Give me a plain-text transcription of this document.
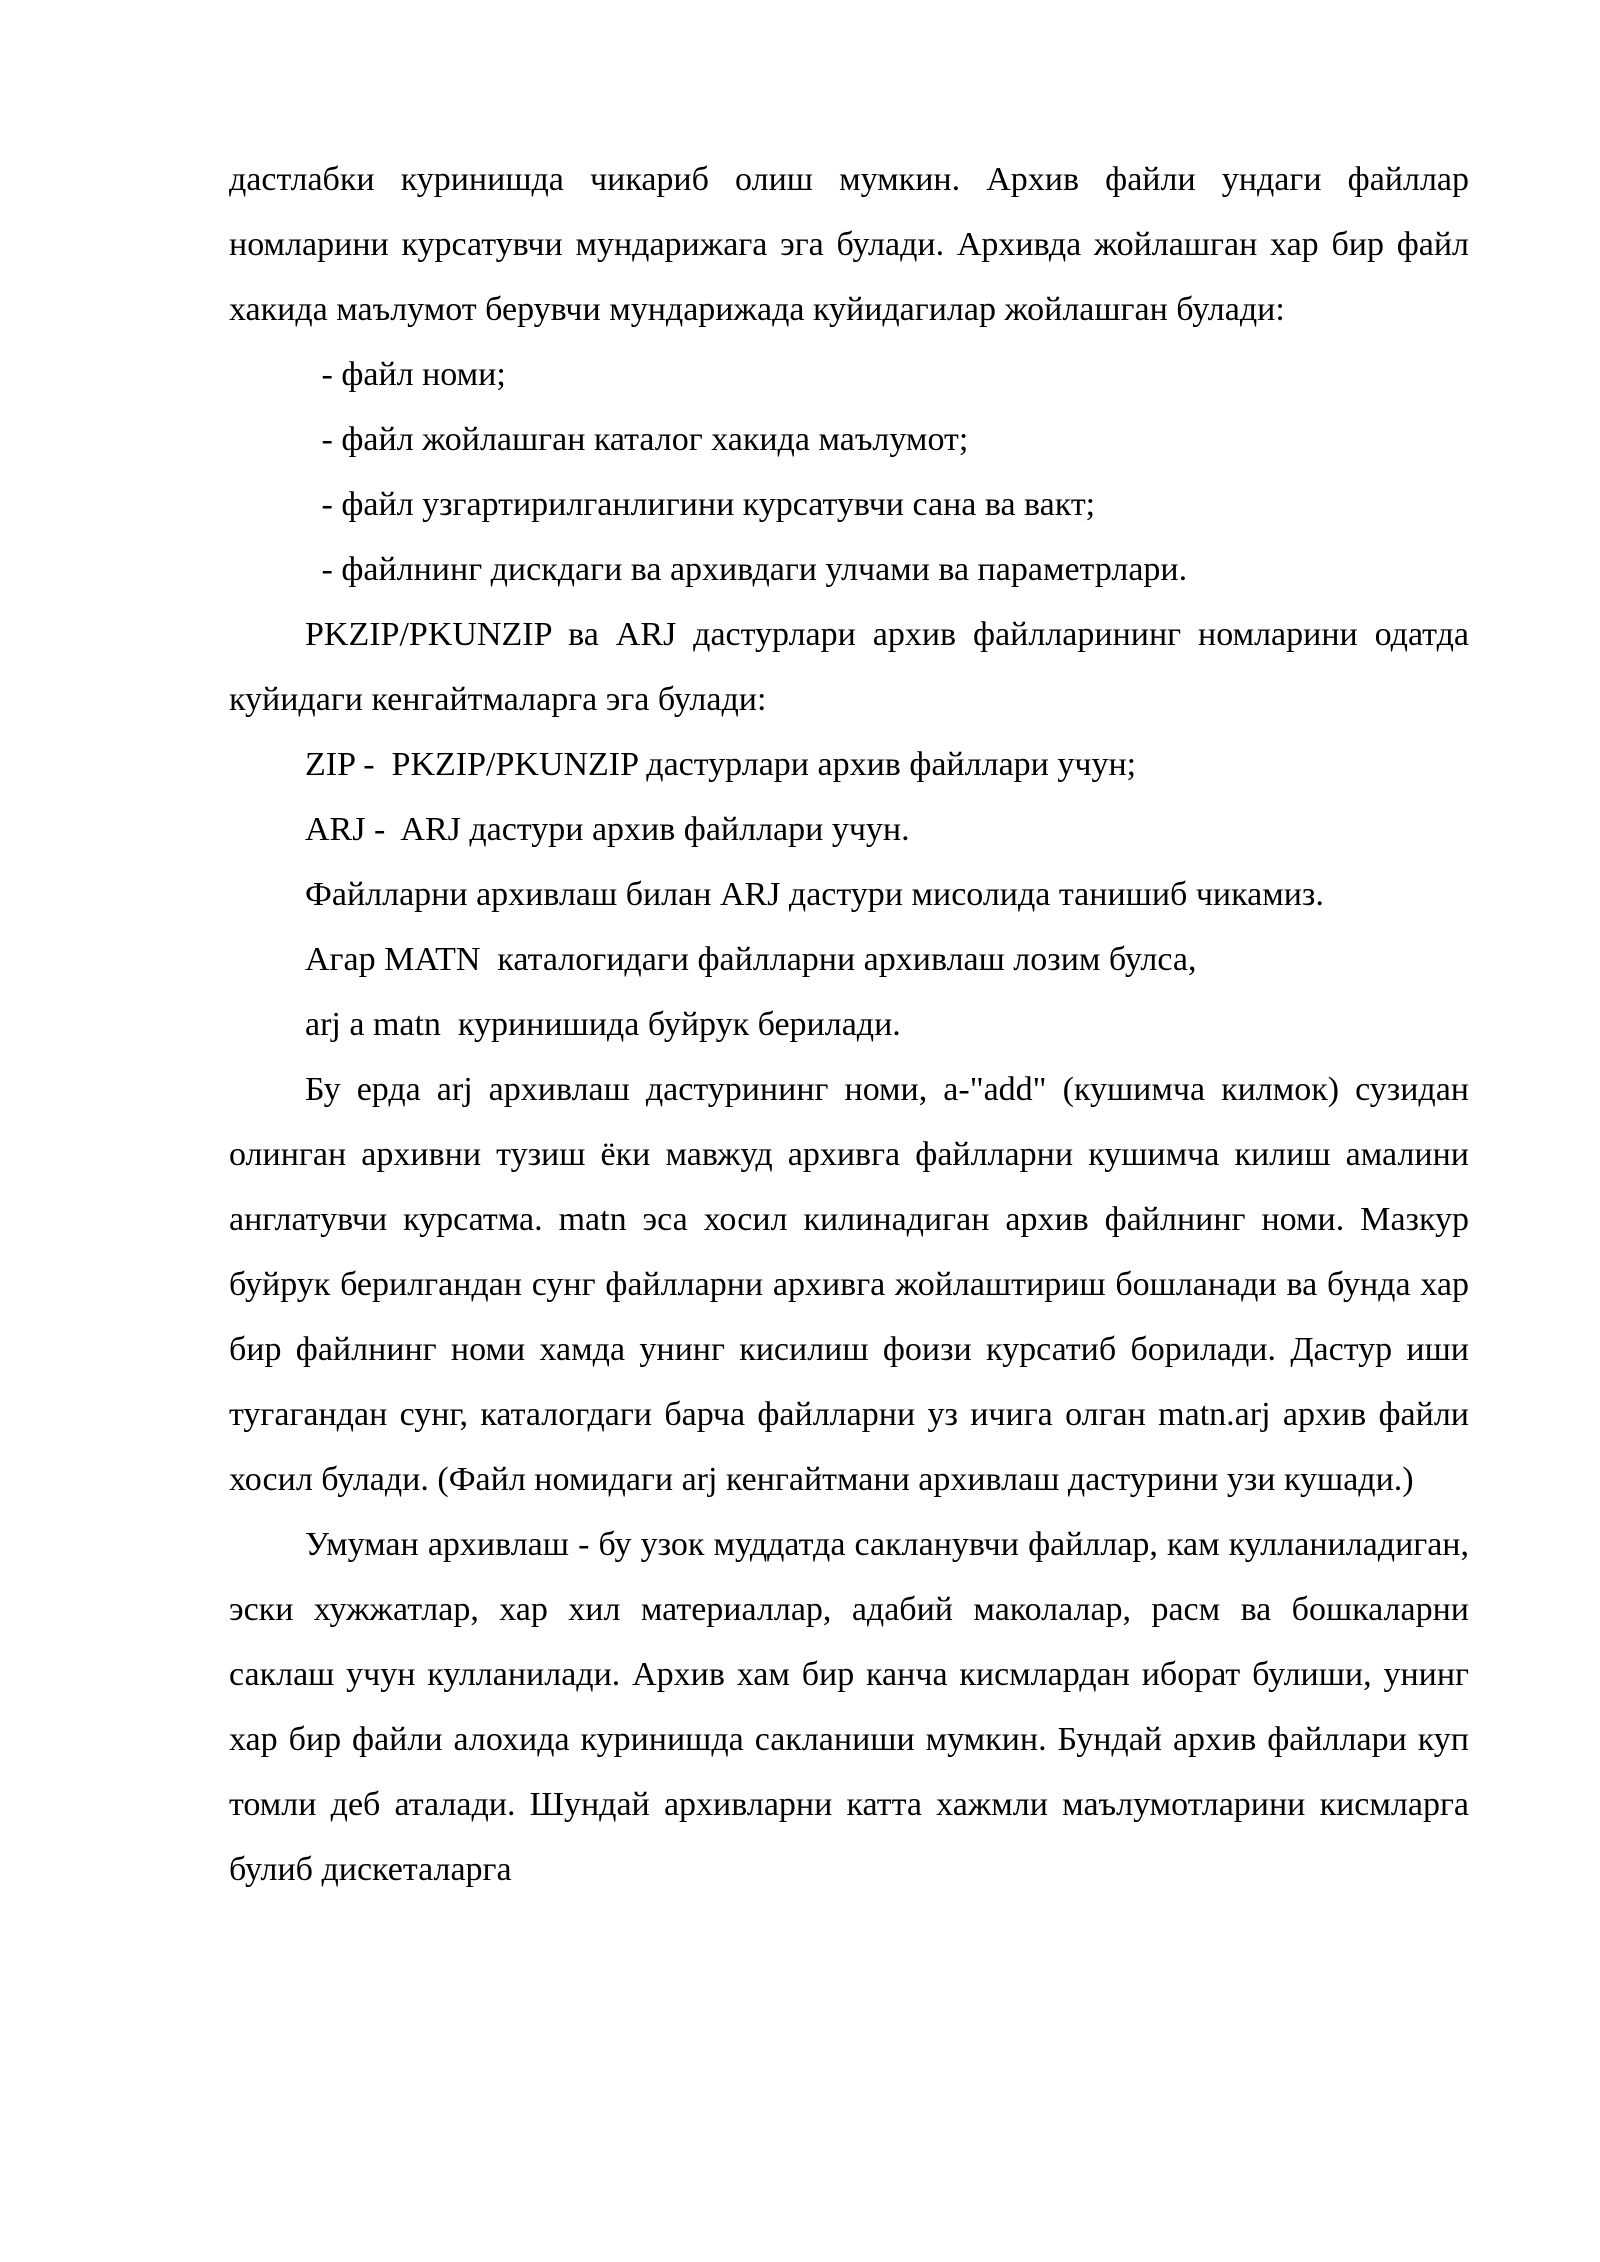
дастлабки куринишда чикариб олиш мумкин. Архив файли ундаги файллар номларини курсатувчи мундарижага эга булади. Архивда жойлашган хар бир файл хакида маълумот берувчи мундарижада куйидагилар жойлашган булади:

- файл номи;

- файл жойлашган каталог хакида маълумот;

- файл узгартирилганлигини курсатувчи сана ва вакт;

- файлнинг дискдаги ва архивдаги улчами ва параметрлари.

PKZIP/PKUNZIP ва ARJ дастурлари архив файлларининг номларини одатда куйидаги кенгайтмаларга эга булади:

ZIP -  PKZIP/PKUNZIP дастурлари архив файллари учун;

ARJ -  ARJ дастури архив файллари учун.

Файлларни архивлаш билан ARJ дастури мисолида танишиб чикамиз.

Агар MATN  каталогидаги файлларни архивлаш лозим булса,

arj a matn  куринишида буйрук берилади.

Бу ерда arj архивлаш дастурининг номи, a-"add" (кушимча килмок) сузидан олинган архивни тузиш ёки мавжуд архивга файлларни кушимча килиш амалини англатувчи курсатма. matn эса хосил килинадиган архив файлнинг номи. Мазкур буйрук берилгандан сунг файлларни архивга жойлаштириш бошланади ва бунда хар бир файлнинг номи хамда унинг кисилиш фоизи курсатиб борилади. Дастур иши тугагандан сунг, каталогдаги барча файлларни уз ичига олган matn.arj архив файли хосил булади. (Файл номидаги arj кенгайтмани архивлаш дастурини узи кушади.)

Умуман архивлаш - бу узок муддатда сакланувчи файллар, кам кулланиладиган, эски хужжатлар, хар хил материаллар, адабий маколалар, расм ва бошкаларни саклаш учун кулланилади. Архив хам бир канча кисмлардан иборат булиши, унинг хар бир файли алохида куринишда сакланиши мумкин. Бундай архив файллари куп томли деб аталади. Шундай архивларни катта хажмли маълумотларини кисмларга булиб дискеталарга
